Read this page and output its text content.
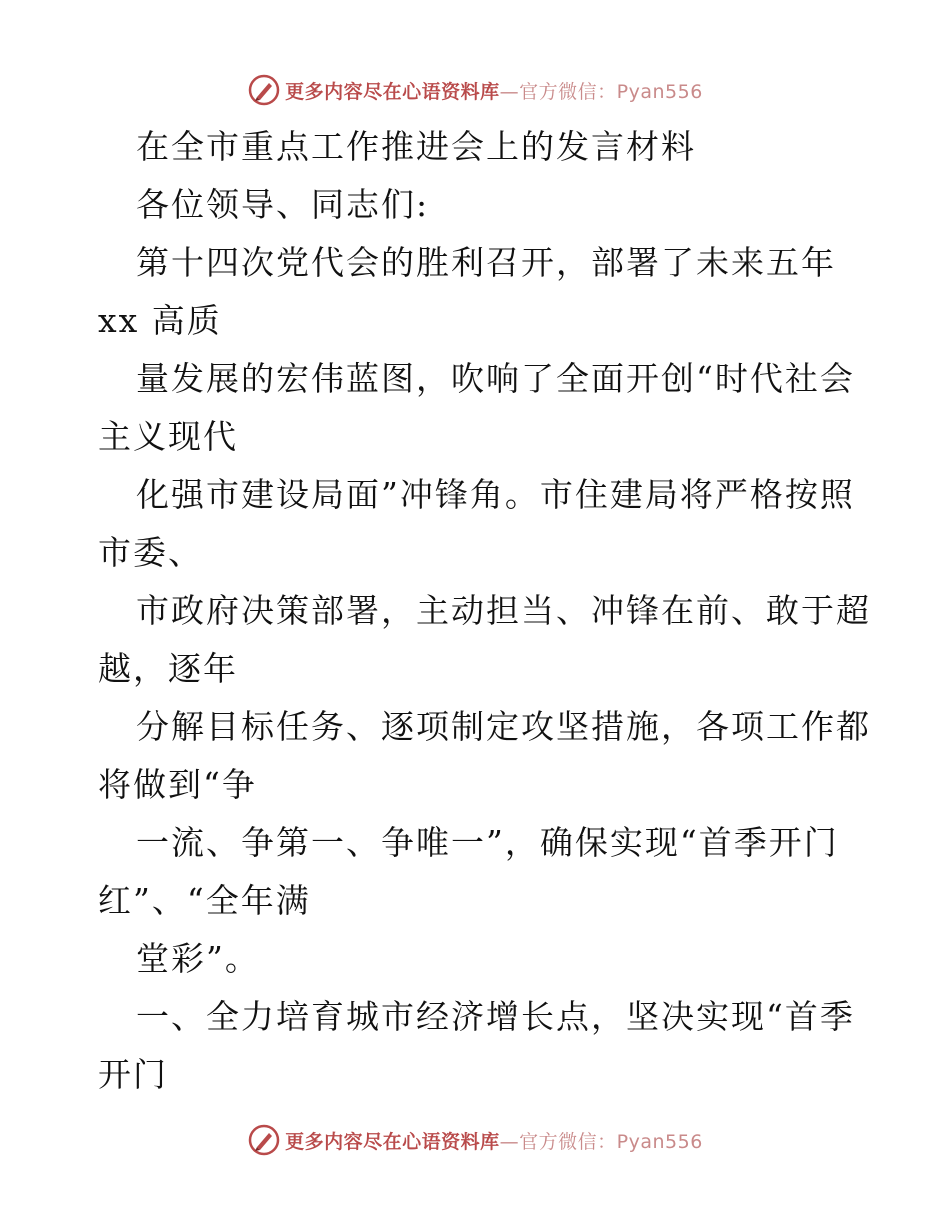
更多内容尽在心语资料库—官方微信：Pyan556
在全市重点工作推进会上的发言材料
各位领导、同志们:
第十四次党代会的胜利召开，部署了未来五年
xx 高质
量发展的宏伟蓝图，吹响了全面开创“时代社会
主义现代
化强市建设局面”冲锋角。市住建局将严格按照
市委、
市政府决策部署，主动担当、冲锋在前、敢于超
越，逐年
分解目标任务、逐项制定攻坚措施，各项工作都
将做到“争
一流、争第一、争唯一”，确保实现“首季开门
红”、“全年满
堂彩”。
一、全力培育城市经济增长点，坚决实现“首季
开门
更多内容尽在心语资料库—官方微信：Pyan556
